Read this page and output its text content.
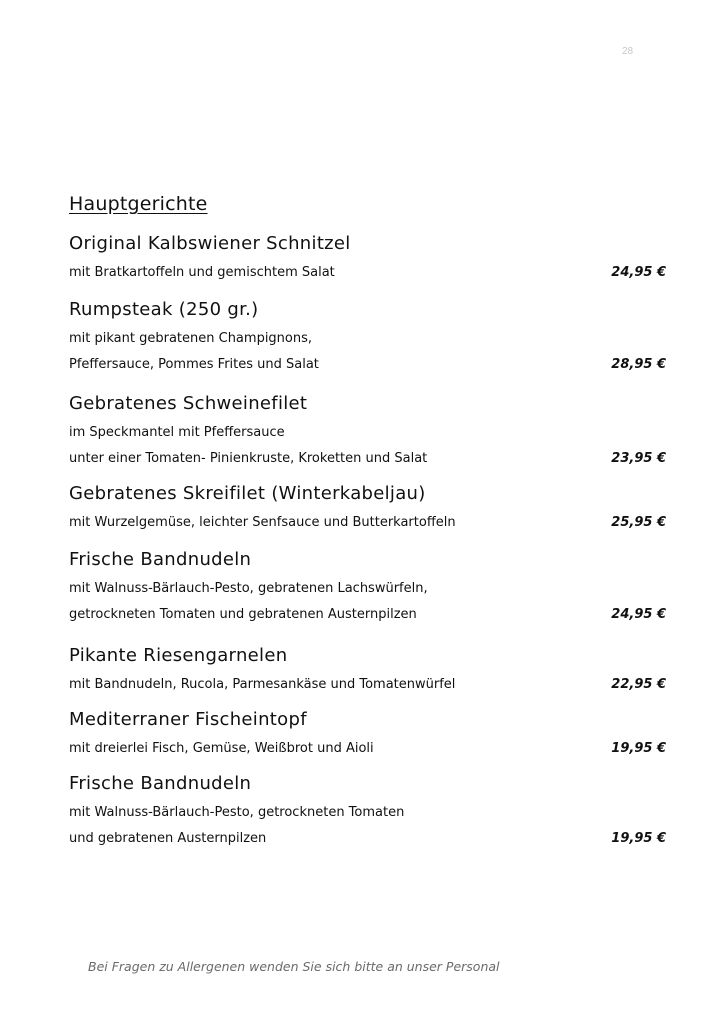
28
Hauptgerichte
Original Kalbswiener Schnitzel
mit Bratkartoffeln und gemischtem Salat	24,95 €
Rumpsteak (250 gr.)
mit pikant gebratenen Champignons,
Pfeffersauce, Pommes Frites und Salat	28,95 €
Gebratenes Schweinefilet
im Speckmantel mit Pfeffersauce
unter einer Tomaten- Pinienkruste, Kroketten und Salat	23,95 €
Gebratenes Skreifilet (Winterkabeljau)
mit Wurzelgemüse, leichter Senfsauce und Butterkartoffeln	25,95 €
Frische Bandnudeln
mit Walnuss-Bärlauch-Pesto, gebratenen Lachswürfeln,
getrockneten Tomaten und gebratenen Austernpilzen	24,95 €
Pikante Riesengarnelen
mit Bandnudeln, Rucola, Parmesankäse und Tomatenwürfel	22,95 €
Mediterraner Fischeintopf
mit dreierlei Fisch, Gemüse, Weißbrot und Aioli	19,95 €
Frische Bandnudeln
mit Walnuss-Bärlauch-Pesto, getrockneten Tomaten
und gebratenen Austernpilzen	19,95 €
Bei Fragen zu Allergenen wenden Sie sich bitte an unser Personal
